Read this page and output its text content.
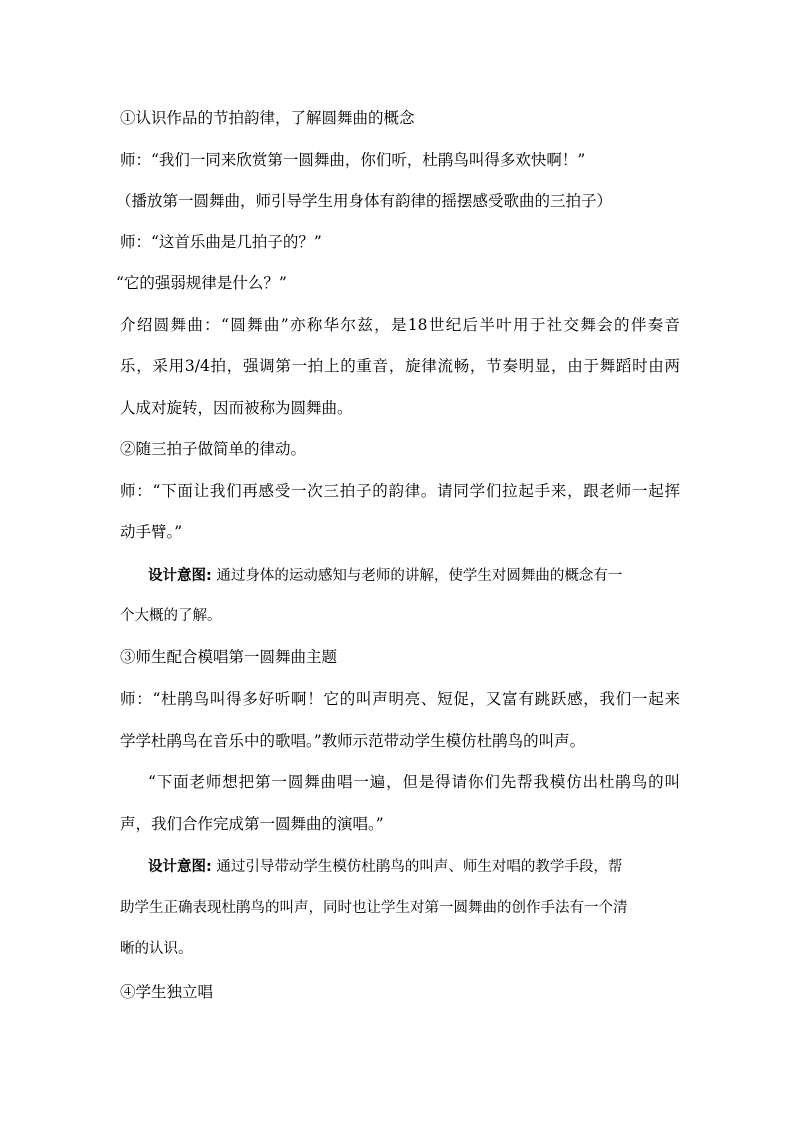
①认识作品的节拍韵律，了解圆舞曲的概念
师：“我们一同来欣赏第一圆舞曲，你们听，杜鹃鸟叫得多欢快啊！”
（播放第一圆舞曲，师引导学生用身体有韵律的摇摆感受歌曲的三拍子）
师：“这首乐曲是几拍子的？”
“它的强弱规律是什么？”
介绍圆舞曲：“圆舞曲”亦称华尔兹，是18世纪后半叶用于社交舞会的伴奏音
乐，采用3/4拍，强调第一拍上的重音，旋律流畅，节奏明显，由于舞蹈时由两
人成对旋转，因而被称为圆舞曲。
②随三拍子做简单的律动。
师：“下面让我们再感受一次三拍子的韵律。请同学们拉起手来，跟老师一起挥
动手臂。”
设计意图: 通过身体的运动感知与老师的讲解，使学生对圆舞曲的概念有一
个大概的了解。
③师生配合模唱第一圆舞曲主题
师：“杜鹃鸟叫得多好听啊！它的叫声明亮、短促，又富有跳跃感，我们一起来
学学杜鹃鸟在音乐中的歌唱。”教师示范带动学生模仿杜鹃鸟的叫声。
“下面老师想把第一圆舞曲唱一遍，但是得请你们先帮我模仿出杜鹃鸟的叫
声，我们合作完成第一圆舞曲的演唱。”
设计意图: 通过引导带动学生模仿杜鹃鸟的叫声、师生对唱的教学手段，帮
助学生正确表现杜鹃鸟的叫声，同时也让学生对第一圆舞曲的创作手法有一个清
晰的认识。
④学生独立唱
